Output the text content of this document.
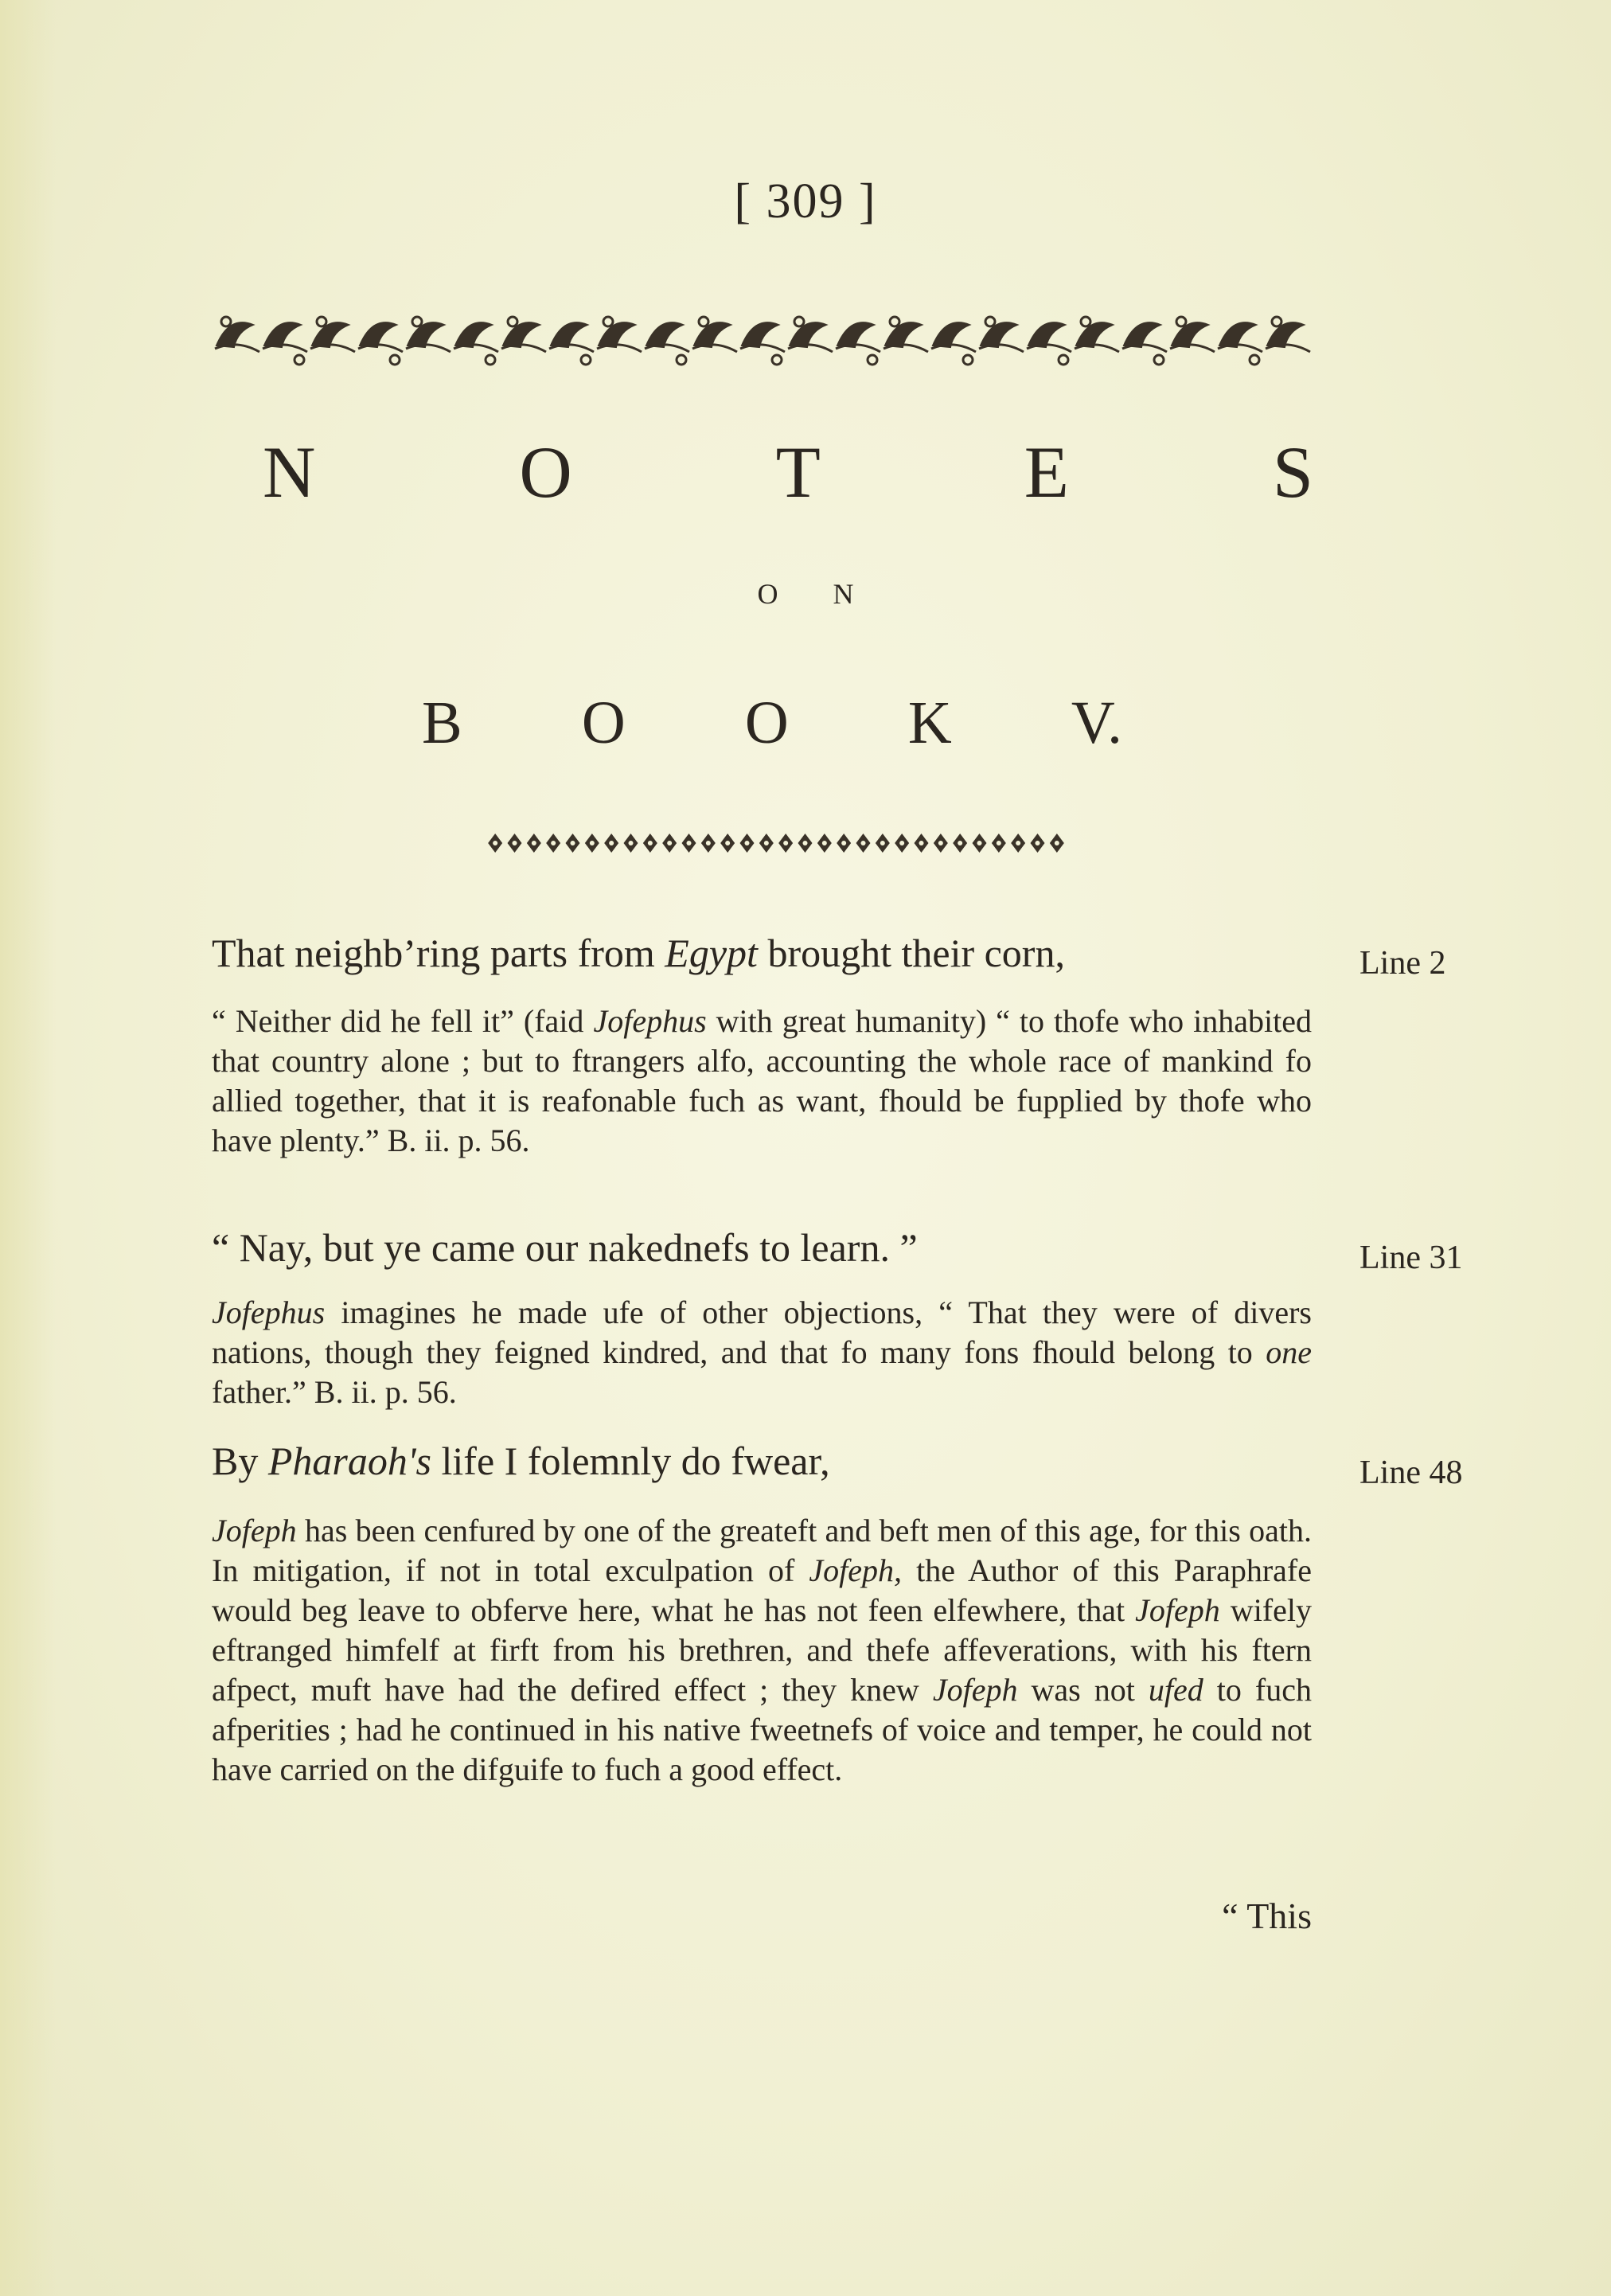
[ 309 ]
N	O	T	E	S
O N
B O O K V.
That neighb’ring parts from Egypt brought their corn,	Line 2
“ Neither did he fell it” (faid Jofephus with great humanity) “ to thofe who inhabited that country alone ; but to ftrangers alfo, accounting the whole race of mankind fo allied together, that it is reafonable fuch as want, fhould be fupplied by thofe who have plenty.” B. ii. p. 56.
“ Nay, but ye came our nakednefs to learn. ”	Line 31
Jofephus imagines he made ufe of other objections, “ That they were of divers nations, though they feigned kindred, and that fo many fons fhould belong to one father.” B. ii. p. 56.
By Pharaoh's life I folemnly do fwear,	Line 48
Jofeph has been cenfured by one of the greateft and beft men of this age, for this oath. In mitigation, if not in total exculpation of Jofeph, the Author of this Paraphrafe would beg leave to obferve here, what he has not feen elfewhere, that Jofeph wifely eftranged himfelf at firft from his brethren, and thefe affeverations, with his ftern afpect, muft have had the defired effect ; they knew Jofeph was not ufed to fuch afperities ; had he continued in his native fweetnefs of voice and temper, he could not have carried on the difguife to fuch a good effect.
“ This
